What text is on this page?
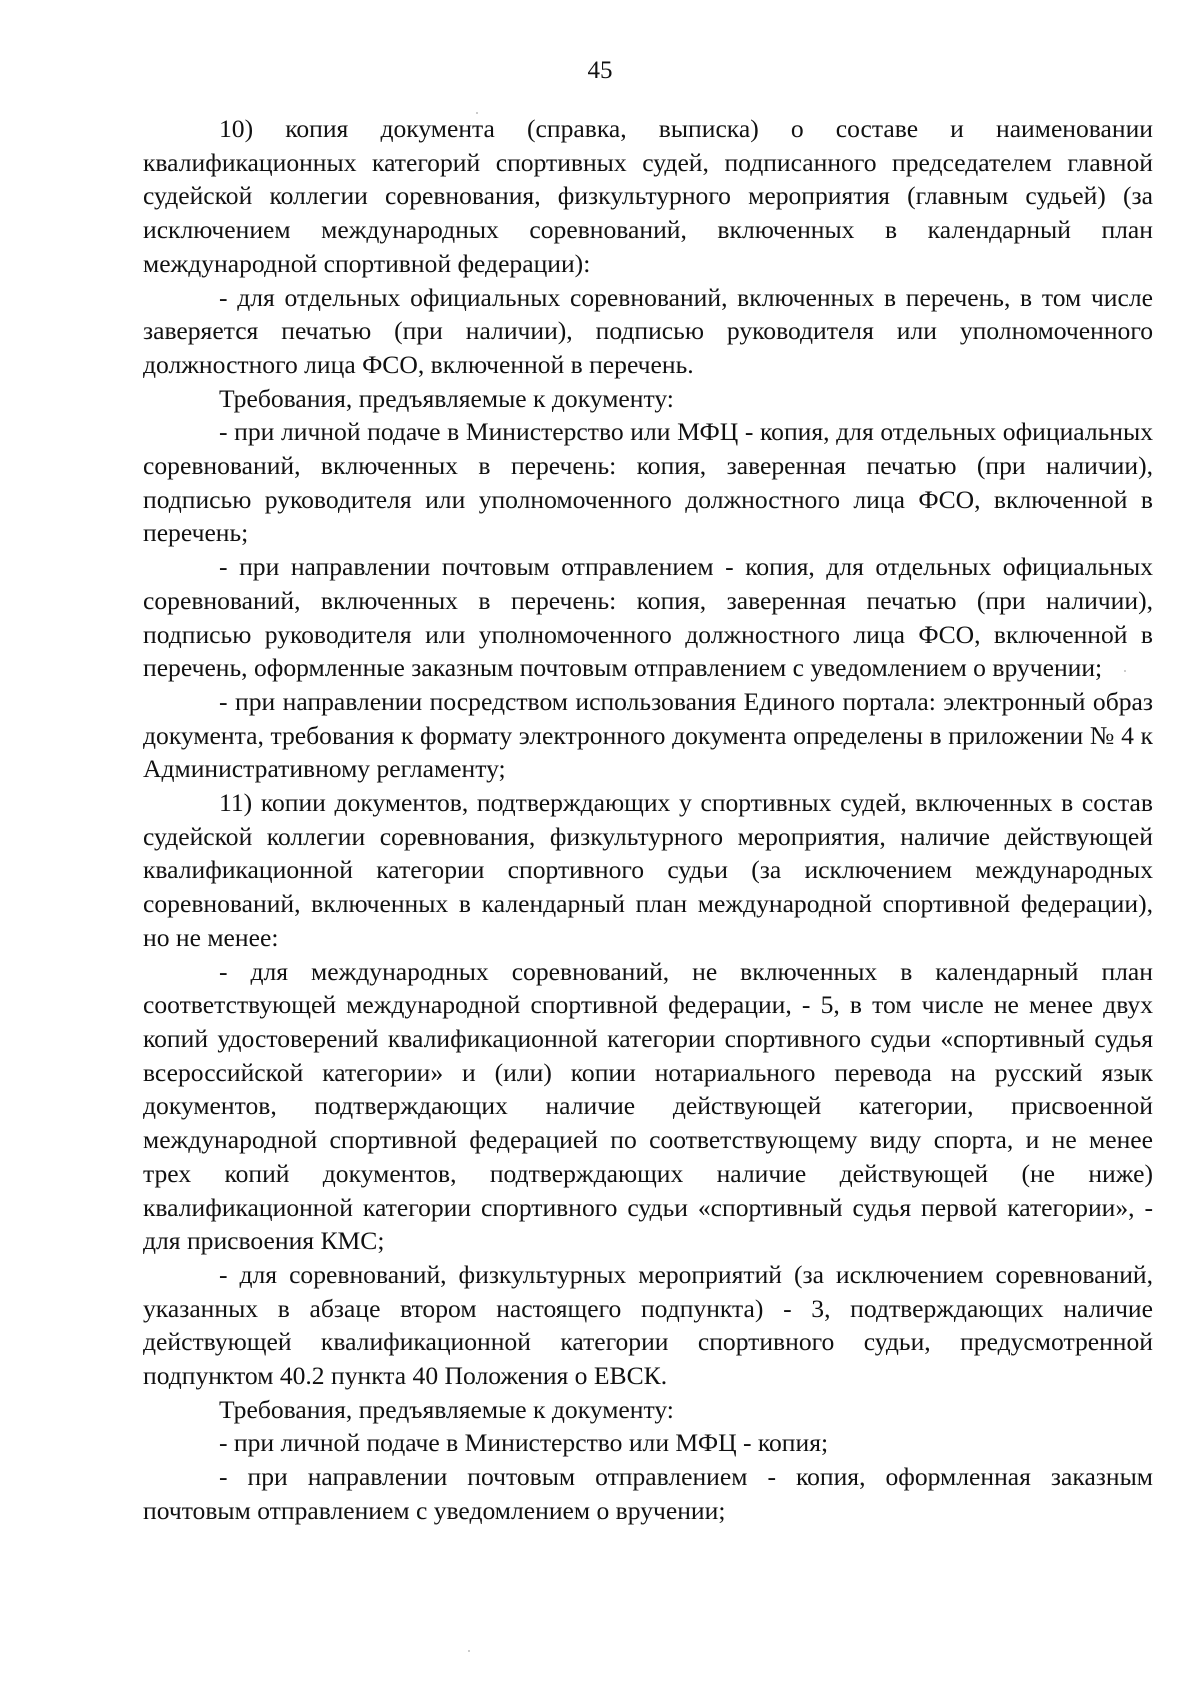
45

10) копия документа (справка, выписка) о составе и наименовании квалификационных категорий спортивных судей, подписанного председателем главной судейской коллегии соревнования, физкультурного мероприятия (главным судьей) (за исключением международных соревнований, включенных в календарный план международной спортивной федерации):

- для отдельных официальных соревнований, включенных в перечень, в том числе заверяется печатью (при наличии), подписью руководителя или уполномоченного должностного лица ФСО, включенной в перечень.

Требования, предъявляемые к документу:

- при личной подаче в Министерство или МФЦ - копия, для отдельных официальных соревнований, включенных в перечень: копия, заверенная печатью (при наличии), подписью руководителя или уполномоченного должностного лица ФСО, включенной в перечень;

- при направлении почтовым отправлением - копия, для отдельных официальных соревнований, включенных в перечень: копия, заверенная печатью (при наличии), подписью руководителя или уполномоченного должностного лица ФСО, включенной в перечень, оформленные заказным почтовым отправлением с уведомлением о вручении;

- при направлении посредством использования Единого портала: электронный образ документа, требования к формату электронного документа определены в приложении № 4 к Административному регламенту;

11) копии документов, подтверждающих у спортивных судей, включенных в состав судейской коллегии соревнования, физкультурного мероприятия, наличие действующей квалификационной категории спортивного судьи (за исключением международных соревнований, включенных в календарный план международной спортивной федерации), но не менее:

- для международных соревнований, не включенных в календарный план соответствующей международной спортивной федерации, - 5, в том числе не менее двух копий удостоверений квалификационной категории спортивного судьи «спортивный судья всероссийской категории» и (или) копии нотариального перевода на русский язык документов, подтверждающих наличие действующей категории, присвоенной международной спортивной федерацией по соответствующему виду спорта, и не менее трех копий документов, подтверждающих наличие действующей (не ниже) квалификационной категории спортивного судьи «спортивный судья первой категории», - для присвоения КМС;

- для соревнований, физкультурных мероприятий (за исключением соревнований, указанных в абзаце втором настоящего подпункта) - 3, подтверждающих наличие действующей квалификационной категории спортивного судьи, предусмотренной подпунктом 40.2 пункта 40 Положения о ЕВСК.

Требования, предъявляемые к документу:

- при личной подаче в Министерство или МФЦ - копия;

- при направлении почтовым отправлением - копия, оформленная заказным почтовым отправлением с уведомлением о вручении;
